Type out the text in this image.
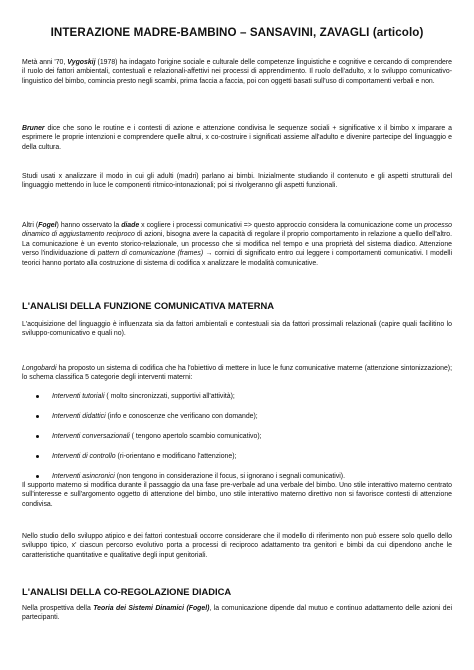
INTERAZIONE MADRE-BAMBINO – SANSAVINI, ZAVAGLI (articolo)

Metà anni '70, Vygoskij (1978) ha indagato l'origine sociale e culturale delle competenze linguistiche e cognitive e cercando di comprendere il ruolo dei fattori ambientali, contestuali e relazionali-affettivi nei processi di apprendimento. Il ruolo dell'adulto, x lo sviluppo comunicativo-linguistico del bimbo, comincia presto negli scambi, prima faccia a faccia, poi con oggetti basati sull'uso di comportamenti verbali e non.

Bruner dice che sono le routine e i contesti di azione e attenzione condivisa le sequenze sociali + significative x il bimbo x imparare a esprimere le proprie intenzioni e comprendere quelle altrui, x co-costruire i significati assieme all'adulto e divenire partecipe del linguaggio e della cultura.

Studi usati x analizzare il modo in cui gli adulti (madri) parlano ai bimbi. Inizialmente studiando il contenuto e gli aspetti strutturali del linguaggio mettendo in luce le componenti ritmico-intonazionali; poi si rivolgeranno gli aspetti funzionali.

Altri (Fogel) hanno osservato la diade x cogliere i processi comunicativi => questo approccio considera la comunicazione come un processo dinamico di aggiustamento reciproco di azioni, bisogna avere la capacità di regolare il proprio comportamento in relazione a quello dell'altro. La comunicazione è un evento storico-relazionale, un processo che si modifica nel tempo e una proprietà del sistema diadico. Attenzione verso l'individuazione di pattern di comunicazione (frames) → cornici di significato entro cui leggere i comportamenti comunicativi. I modelli teorici hanno portato alla costruzione di sistema di codifica x analizzare le modalità comunicative.

L'ANALISI DELLA FUNZIONE COMUNICATIVA MATERNA

L'acquisizione del linguaggio è influenzata sia da fattori ambientali e contestuali sia da fattori prossimali relazionali (capire quali facilitino lo sviluppo-comunicativo e quali no).

Longobardi ha proposto un sistema di codifica che ha l'obiettivo di mettere in luce le funz comunicative materne (attenzione sintonizzazione); lo schema classifica 5 categorie degli interventi materni:

Interventi tutoriali ( molto sincronizzati, supportivi all'attività);
Interventi didattici (info e conoscenze che verificano con domande);
Interventi conversazionali ( tengono apertolo scambio comunicativo);
Interventi di controllo (ri-orientano e modificano l'attenzione);
Interventi asincronici (non tengono in considerazione il focus, si ignorano i segnali comunicativi).

Il supporto materno si modifica durante il passaggio da una fase pre-verbale ad una verbale del bimbo. Uno stile interattivo materno centrato sull'interesse e sull'argomento oggetto di attenzione del bimbo, uno stile interattivo materno direttivo non si favorisce contesti di attenzione condivisa.

Nello studio dello sviluppo atipico e dei fattori contestuali occorre considerare che il modello di riferimento non può essere solo quello dello sviluppo tipico, x' ciascun percorso evolutivo porta a processi di reciproco adattamento tra genitori e bimbi da cui dipendono anche le caratteristiche quantitative e qualitative degli input genitoriali.

L'ANALISI DELLA CO-REGOLAZIONE DIADICA

Nella prospettiva della Teoria dei Sistemi Dinamici (Fogel), la comunicazione dipende dal mutuo e continuo adattamento delle azioni dei partecipanti.
